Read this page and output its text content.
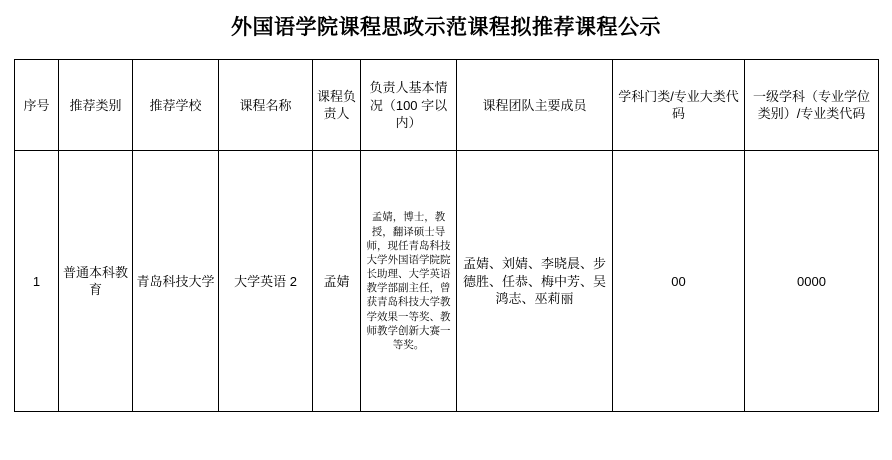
外国语学院课程思政示范课程拟推荐课程公示
序号	推荐类别	推荐学校	课程名称	课程负责人	负责人基本情况（100 字以内）	课程团队主要成员	学科门类/专业大类代码	一级学科（专业学位类别）/专业类代码
1	普通本科教育	青岛科技大学	大学英语 2	孟婧	孟婧，博士，教授，翻译硕士导师，现任青岛科技大学外国语学院院长助理、大学英语教学部副主任，曾获青岛科技大学教学效果一等奖、教师教学创新大赛一等奖。	孟婧、刘婧、李晓晨、步德胜、任恭、梅中芳、吴鸿志、巫莉丽	00	0000
